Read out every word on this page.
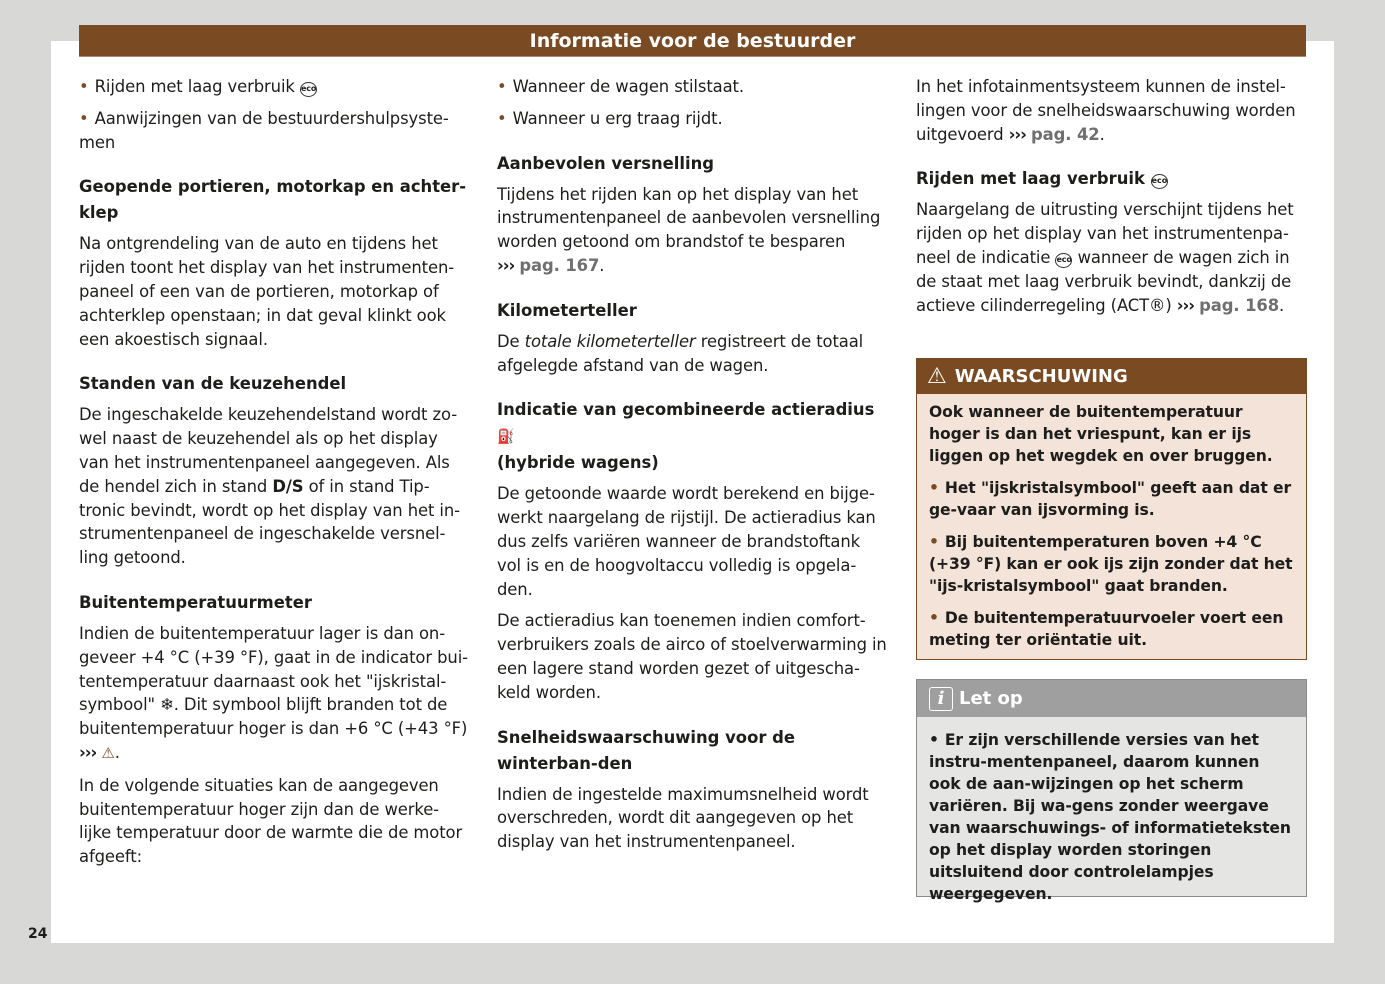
Informatie voor de bestuurder

• Rijden met laag verbruik eco

• Aanwijzingen van de bestuurdershulpsyste-men

Geopende portieren, motorkap en achter-klep

Na ontgrendeling van de auto en tijdens het rijden toont het display van het instrumenten-paneel of een van de portieren, motorkap of achterklep openstaan; in dat geval klinkt ook een akoestisch signaal.

Standen van de keuzehendel

De ingeschakelde keuzehendelstand wordt zo-wel naast de keuzehendel als op het display van het instrumentenpaneel aangegeven. Als de hendel zich in stand D/S of in stand Tip-tronic bevindt, wordt op het display van het in-strumentenpaneel de ingeschakelde versnel-ling getoond.

Buitentemperatuurmeter

Indien de buitentemperatuur lager is dan on-geveer +4 °C (+39 °F), gaat in de indicator bui-tentemperatuur daarnaast ook het "ijskristal-symbool" ❄. Dit symbool blijft branden tot de buitentemperatuur hoger is dan +6 °C (+43 °F)
››› ⚠.

In de volgende situaties kan de aangegeven buitentemperatuur hoger zijn dan de werke-lijke temperatuur door de warmte die de motor afgeeft:

• Wanneer de wagen stilstaat.

• Wanneer u erg traag rijdt.

Aanbevolen versnelling

Tijdens het rijden kan op het display van het instrumentenpaneel de aanbevolen versnelling worden getoond om brandstof te besparen
››› pag. 167.

Kilometerteller

De totale kilometerteller registreert de totaal afgelegde afstand van de wagen.

Indicatie van gecombineerde actieradius ⛽
(hybride wagens)

De getoonde waarde wordt berekend en bijge-werkt naargelang de rijstijl. De actieradius kan dus zelfs variëren wanneer de brandstoftank vol is en de hoogvoltaccu volledig is opgela-den.

De actieradius kan toenemen indien comfort-verbruikers zoals de airco of stoelverwarming in een lagere stand worden gezet of uitgescha-keld worden.

Snelheidswaarschuwing voor de winterban-den

Indien de ingestelde maximumsnelheid wordt overschreden, wordt dit aangegeven op het display van het instrumentenpaneel.

In het infotainmentsysteem kunnen de instel-lingen voor de snelheidswaarschuwing worden uitgevoerd ››› pag. 42.

Rijden met laag verbruik eco

Naargelang de uitrusting verschijnt tijdens het rijden op het display van het instrumentenpa-neel de indicatie eco wanneer de wagen zich in de staat met laag verbruik bevindt, dankzij de actieve cilinderregeling (ACT®) ››› pag. 168.

⚠ WAARSCHUWING

Ook wanneer de buitentemperatuur hoger is dan het vriespunt, kan er ijs liggen op het wegdek en over bruggen.

• Het "ijskristalsymbool" geeft aan dat er ge-vaar van ijsvorming is.

• Bij buitentemperaturen boven +4 °C (+39 °F) kan er ook ijs zijn zonder dat het "ijs-kristalsymbool" gaat branden.

• De buitentemperatuurvoeler voert een meting ter oriëntatie uit.

i Let op

• Er zijn verschillende versies van het instru-mentenpaneel, daarom kunnen ook de aan-wijzingen op het scherm variëren. Bij wa-gens zonder weergave van waarschuwings- of informatieteksten op het display worden storingen uitsluitend door controlelampjes weergegeven.

24
